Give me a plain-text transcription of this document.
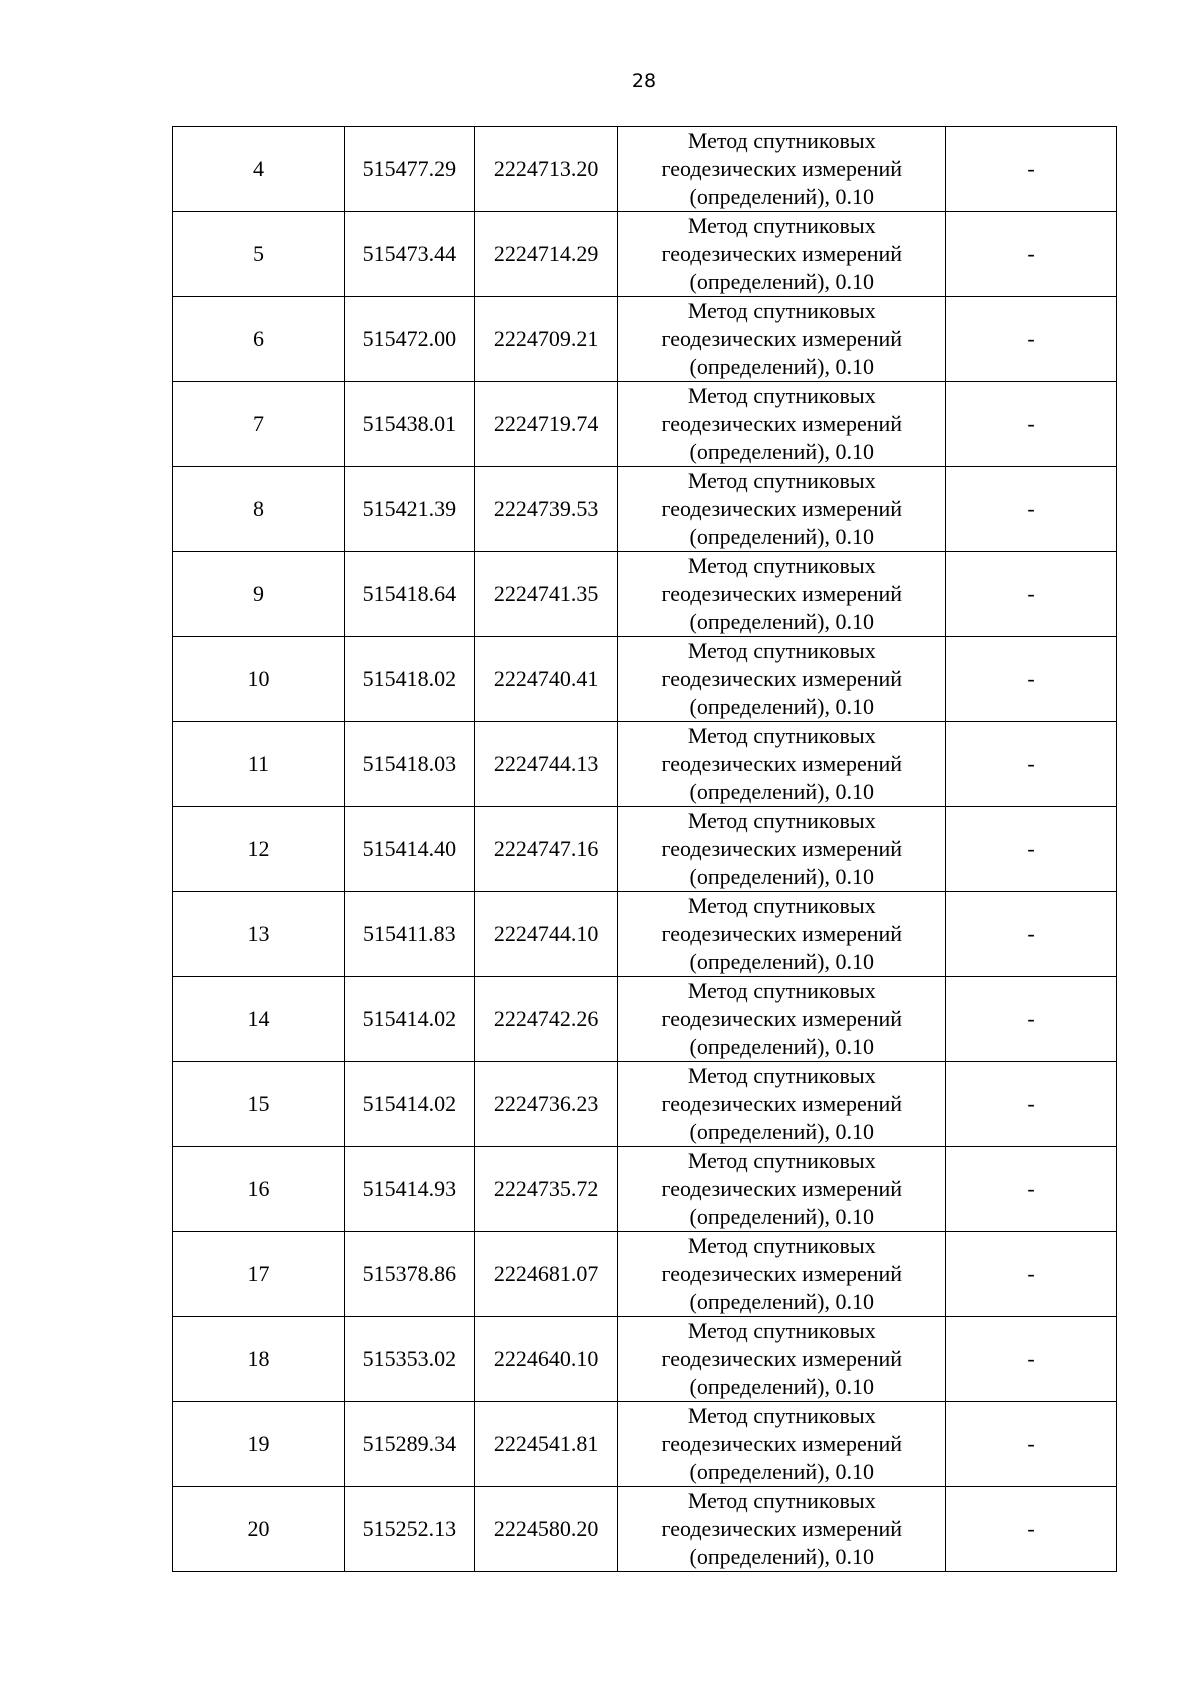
28
4	515477.29	2224713.20	Метод спутниковых
геодезических измерений
(определений), 0.10	-
5	515473.44	2224714.29	Метод спутниковых
геодезических измерений
(определений), 0.10	-
6	515472.00	2224709.21	Метод спутниковых
геодезических измерений
(определений), 0.10	-
7	515438.01	2224719.74	Метод спутниковых
геодезических измерений
(определений), 0.10	-
8	515421.39	2224739.53	Метод спутниковых
геодезических измерений
(определений), 0.10	-
9	515418.64	2224741.35	Метод спутниковых
геодезических измерений
(определений), 0.10	-
10	515418.02	2224740.41	Метод спутниковых
геодезических измерений
(определений), 0.10	-
11	515418.03	2224744.13	Метод спутниковых
геодезических измерений
(определений), 0.10	-
12	515414.40	2224747.16	Метод спутниковых
геодезических измерений
(определений), 0.10	-
13	515411.83	2224744.10	Метод спутниковых
геодезических измерений
(определений), 0.10	-
14	515414.02	2224742.26	Метод спутниковых
геодезических измерений
(определений), 0.10	-
15	515414.02	2224736.23	Метод спутниковых
геодезических измерений
(определений), 0.10	-
16	515414.93	2224735.72	Метод спутниковых
геодезических измерений
(определений), 0.10	-
17	515378.86	2224681.07	Метод спутниковых
геодезических измерений
(определений), 0.10	-
18	515353.02	2224640.10	Метод спутниковых
геодезических измерений
(определений), 0.10	-
19	515289.34	2224541.81	Метод спутниковых
геодезических измерений
(определений), 0.10	-
20	515252.13	2224580.20	Метод спутниковых
геодезических измерений
(определений), 0.10	-
